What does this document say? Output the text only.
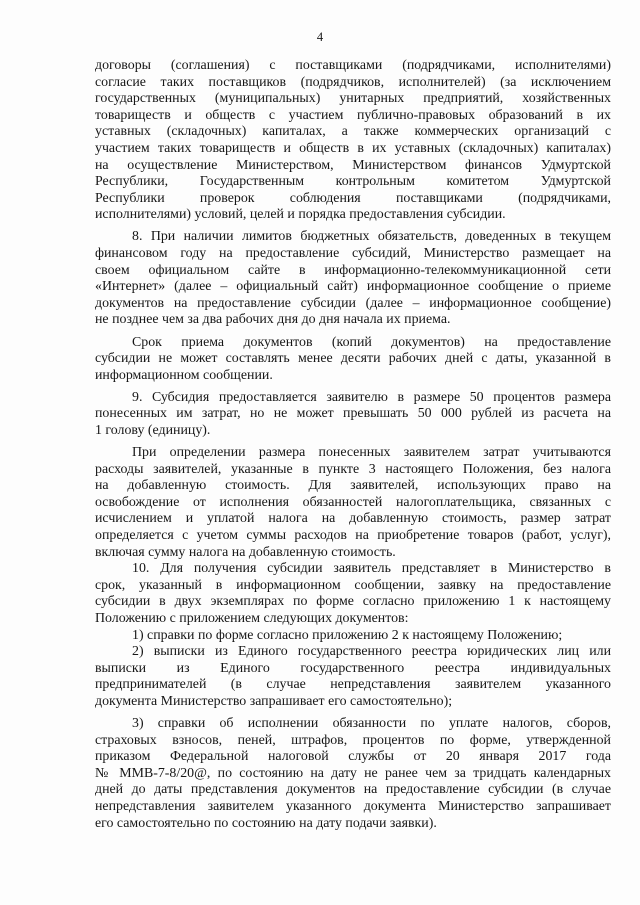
4
договоры (соглашения) с поставщиками (подрядчиками, исполнителями)
согласие таких поставщиков (подрядчиков, исполнителей) (за исключением
государственных (муниципальных) унитарных предприятий, хозяйственных
товариществ и обществ с участием публично-правовых образований в их
уставных (складочных) капиталах, а также коммерческих организаций с
участием таких товариществ и обществ в их уставных (складочных) капиталах)
на осуществление Министерством, Министерством финансов Удмуртской
Республики, Государственным контрольным комитетом Удмуртской
Республики проверок соблюдения поставщиками (подрядчиками,
исполнителями) условий, целей и порядка предоставления субсидии.
8. При наличии лимитов бюджетных обязательств, доведенных в текущем
финансовом году на предоставление субсидий, Министерство размещает на
своем официальном сайте в информационно-телекоммуникационной сети
«Интернет» (далее – официальный сайт) информационное сообщение о приеме
документов на предоставление субсидии (далее – информационное сообщение)
не позднее чем за два рабочих дня до дня начала их приема.
Срок приема документов (копий документов) на предоставление
субсидии не может составлять менее десяти рабочих дней с даты, указанной в
информационном сообщении.
9. Субсидия предоставляется заявителю в размере 50 процентов размера
понесенных им затрат, но не может превышать 50 000 рублей из расчета на
1 голову (единицу).
При определении размера понесенных заявителем затрат учитываются
расходы заявителей, указанные в пункте 3 настоящего Положения, без налога
на добавленную стоимость. Для заявителей, использующих право на
освобождение от исполнения обязанностей налогоплательщика, связанных с
исчислением и уплатой налога на добавленную стоимость, размер затрат
определяется с учетом суммы расходов на приобретение товаров (работ, услуг),
включая сумму налога на добавленную стоимость.
10. Для получения субсидии заявитель представляет в Министерство в
срок, указанный в информационном сообщении, заявку на предоставление
субсидии в двух экземплярах по форме согласно приложению 1 к настоящему
Положению с приложением следующих документов:
1) справки по форме согласно приложению 2 к настоящему Положению;
2) выписки из Единого государственного реестра юридических лиц или
выписки из Единого государственного реестра индивидуальных
предпринимателей (в случае непредставления заявителем указанного
документа Министерство запрашивает его самостоятельно);
3) справки об исполнении обязанности по уплате налогов, сборов,
страховых взносов, пеней, штрафов, процентов по форме, утвержденной
приказом Федеральной налоговой службы от 20 января 2017 года
№ ММВ-7-8/20@, по состоянию на дату не ранее чем за тридцать календарных
дней до даты представления документов на предоставление субсидии (в случае
непредставления заявителем указанного документа Министерство запрашивает
его самостоятельно по состоянию на дату подачи заявки).
